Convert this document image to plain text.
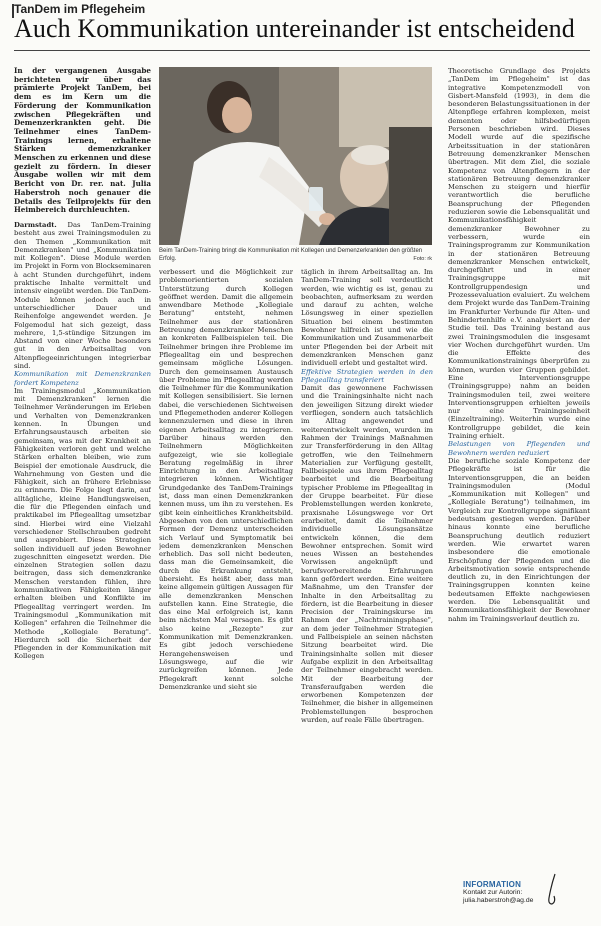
TanDem im Pflegeheim
Auch Kommunikation untereinander ist entscheidend

In der vergangenen Ausgabe berichteten wir über das prämierte Projekt TanDem, bei dem es im Kern um die Förderung der Kommunikation zwischen Pflegekräften und Demenzerkrankten geht. Die Teilnehmer eines TanDem-Trainings lernen, erhaltene Stärken demenzkranker Menschen zu erkennen und diese gezielt zu fördern. In dieser Ausgabe wollen wir mit dem Bericht von Dr. rer. nat. Julia Haberstroh noch genauer die Details des Teilprojekts für den Heimbereich durchleuchten.

Darmstadt. Das TanDem-Training besteht aus zwei Trainingsmodulen zu den Themen „Kommunikation mit Demenzkranken" und „Kommunikation mit Kollegen". Diese Module werden im Projekt in Form von Blockseminaren à acht Stunden durchgeführt, indem praktische Inhalte vermittelt und intensiv eingeübt werden. Die TanDem-Module können jedoch auch in unterschiedlicher Dauer und Reihenfolge angewendet werden. Je Folgemodul hat sich gezeigt, dass mehrere, 1,5-stündige Sitzungen im Abstand von einer Woche besonders gut in den Arbeitsalltag von Altenpflegeeinrichtungen integrierbar sind.

Kommunikation mit Demenzkranken fordert Kompetenz

Im Trainingsmodul „Kommunikation mit Demenzkranken" lernen die Teilnehmer Veränderungen im Erleben und Verhalten von Demenzkranken kennen. In Übungen und Erfahrungsaustausch arbeiten sie gemeinsam, was mit der Krankheit an Fähigkeiten verloren geht und welche Stärken erhalten bleiben, wie zum Beispiel der emotionale Ausdruck, die Wahrnehmung von Gesten und die Fähigkeit, sich an frühere Erlebnisse zu erinnern. Die Folge liegt darin, auf alltägliche, kleine Handlungsweisen, die für die Pflegenden einfach und praktikabel im Pflegealltag umsetzbar sind. Hierbei wird eine Vielzahl verschiedener Stellschrauben gedreht und ausprobiert. Diese Strategien sollen individuell auf jeden Bewohner zugeschnitten eingesetzt werden. Die einzelnen Strategien sollen dazu beitragen, dass sich demenzkranke Menschen verstanden fühlen, ihre kommunikativen Fähigkeiten länger erhalten bleiben und Konflikte im Pflegealltag verringert werden. Im Trainingsmodul „Kommunikation mit Kollegen" erfahren die Teilnehmer die Methode „Kollegiale Beratung". Hierdurch soll die Sicherheit der Pflegenden in der Kommunikation mit Kollegen

Beim TanDem-Training bringt die Kommunikation mit Kollegen und Demenzerkrankten den größten Erfolg.	Foto: rk

verbessert und die Möglichkeit zur problemorientierten sozialen Unterstützung durch Kollegen geöffnet werden. Damit die allgemein anwendbare Methode „Kollegiale Beratung" entsteht, nehmen Teilnehmer aus der stationären Betreuung demenzkranker Menschen an konkreten Fallbeispielen teil. Die Teilnehmer bringen ihre Probleme im Pflegealltag ein und besprechen gemeinsam mögliche Lösungen. Durch den gemeinsamen Austausch über Probleme im Pflegealltag werden die Teilnehmer für die Kommunikation mit Kollegen sensibilisiert. Sie lernen dabei, die verschiedenen Sichtweisen und Pflegemethoden anderer Kollegen kennenzulernen und diese in ihren eigenen Arbeitsalltag zu integrieren. Darüber hinaus werden den Teilnehmern Möglichkeiten aufgezeigt, wie sie kollegiale Beratung regelmäßig in ihrer Einrichtung in den Arbeitsalltag integrieren können. Wichtiger Grundgedanke des TanDem-Trainings ist, dass man einen Demenzkranken kennen muss, um ihn zu verstehen. Es gibt kein einheitliches Krankheitsbild. Abgesehen von den unterschiedlichen Formen der Demenz unterscheiden sich Verlauf und Symptomatik bei jedem demenzkranken Menschen erheblich. Das soll nicht bedeuten, dass man die Gemeinsamkeit, die durch die Erkrankung entsteht, übersieht. Es heißt aber, dass man keine allgemein gültigen Aussagen für alle demenzkranken Menschen aufstellen kann. Eine Strategie, die das eine Mal erfolgreich ist, kann beim nächsten Mal versagen. Es gibt also keine „Rezepte" zur Kommunikation mit Demenzkranken. Es gibt jedoch verschiedene Herangehensweisen und Lösungswege, auf die wir zurückgreifen können. Jede Pflegekraft kennt solche Demenzkranke und sieht sie

täglich in ihrem Arbeitsalltag an. Im TanDem-Training soll verdeutlicht werden, wie wichtig es ist, genau zu beobachten, aufmerksam zu werden und darauf zu achten, welche Lösungsweg in einer speziellen Situation bei einem bestimmten Bewohner hilfreich ist und wie die Kommunikation und Zusammenarbeit unter Pflegenden bei der Arbeit mit demenzkranken Menschen ganz individuell erlebt und gestaltet wird.

Effektive Strategien werden in den Pflegealltag transferiert

Damit das gewonnene Fachwissen und die Trainingsinhalte nicht nach den jeweiligen Sitzung direkt wieder verfliegen, sondern auch tatsächlich im Alltag angewendet und weiterentwickelt werden, wurden im Rahmen der Trainings Maßnahmen zur Transferförderung in den Alltag getroffen, wie den Teilnehmern Materialien zur Verfügung gestellt, Fallbeispiele aus ihrem Pflegealltag bearbeitet und die Bearbeitung typischer Probleme im Pflegealltag in der Gruppe bearbeitet. Für diese Problemstellungen werden konkrete, praxisnahe Lösungswege vor Ort erarbeitet, damit die Teilnehmer individuelle Lösungsansätze entwickeln können, die dem Bewohner entsprechen. Somit wird neues Wissen an bestehendes Vorwissen angeknüpft und berufsvorbereitende Erfahrungen kann gefördert werden. Eine weitere Maßnahme, um den Transfer der Inhalte in den Arbeitsalltag zu fördern, ist die Bearbeitung in dieser Precision der Trainingskurse im Rahmen der „Nachtrainingsphase", an dem jeder Teilnehmer Strategien und Fallbeispiele an seinen nächsten Sitzung bearbeitet wird. Die Trainingsinhalte sollen mit dieser Aufgabe explizit in den Arbeitsalltag der Teilnehmer eingebracht werden. Mit der Bearbeitung der Transferaufgaben werden die erworbenen Kompetenzen der Teilnehmer, die bisher in allgemeinen Problemstellungen besprochen wurden, auf reale Fälle übertragen.

Theoretische Grundlage des Projekts „TanDem im Pflegeheim" ist das integrative Kompetenzmodell von Gisbert-Mansfeld (1993), in dem die besonderen Belastungssituationen in der Altenpflege erfahren komplexen, meist dementen oder hilfsbedürftigen Personen beschrieben wird. Dieses Modell wurde auf die spezifische Arbeitssituation in der stationären Betreuung demenzkranker Menschen übertragen. Mit dem Ziel, die soziale Kompetenz von Altenpflegern in der stationären Betreuung demenzkranker Menschen zu steigern und hierfür verantwortlich die berufliche Beanspruchung der Pflegenden reduzieren sowie die Lebensqualität und Kommunikationsfähigkeit demenzkranker Bewohner zu verbessern, wurde ein Trainingsprogramm zur Kommunikation in der stationären Betreuung demenzkranker Menschen entwickelt, durchgeführt und in einer Trainingsgruppe mit Kontrollgruppendesign und Prozessevaluation evaluiert. Zu welchem dem Projekt wurde das TanDem-Training im Frankfurter Verbunde für Alten- und Behindertenhilfe e.V. analysiert an der Studie teil. Das Training bestand aus zwei Trainingsmodulen die insgesamt vier Wochen durchgeführt wurden. Um die Effekte des Kommunikationstrainings überprüfen zu können, wurden vier Gruppen gebildet. Eine Interventionsgruppe (Trainingsgruppe) nahm an beiden Trainingsmodulen teil, zwei weitere Interventionsgruppen erhielten jeweils nur eine Trainingseinheit (Einzeltraining). Weiterhin wurde eine Kontrollgruppe gebildet, die kein Training erhielt.

Belastungen von Pflegenden und Bewohnern werden reduziert

Die berufliche soziale Kompetenz der Pflegekräfte ist für die Interventionsgruppen, die an beiden Trainingsmodulen (Modul „Kommunikation mit Kollegen" und „Kollegiale Beratung") teilnahmen, im Vergleich zur Kontrollgruppe signifikant bedeutsam gestiegen werden. Darüber hinaus konnte eine berufliche Beanspruchung deutlich reduziert werden. Wie erwartet waren insbesondere die emotionale Erschöpfung der Pflegenden und die Arbeitsmotivation sowie entsprechende deutlich zu, in den Einrichtungen der Trainingsgruppen konnten keine bedeutsamen Effekte nachgewiesen werden. Die Lebensqualität und Kommunikationsfähigkeit der Bewohner nahm im Trainingsverlauf deutlich zu.

INFORMATION
Kontakt zur Autorin:
julia.haberstroh@ag.de
